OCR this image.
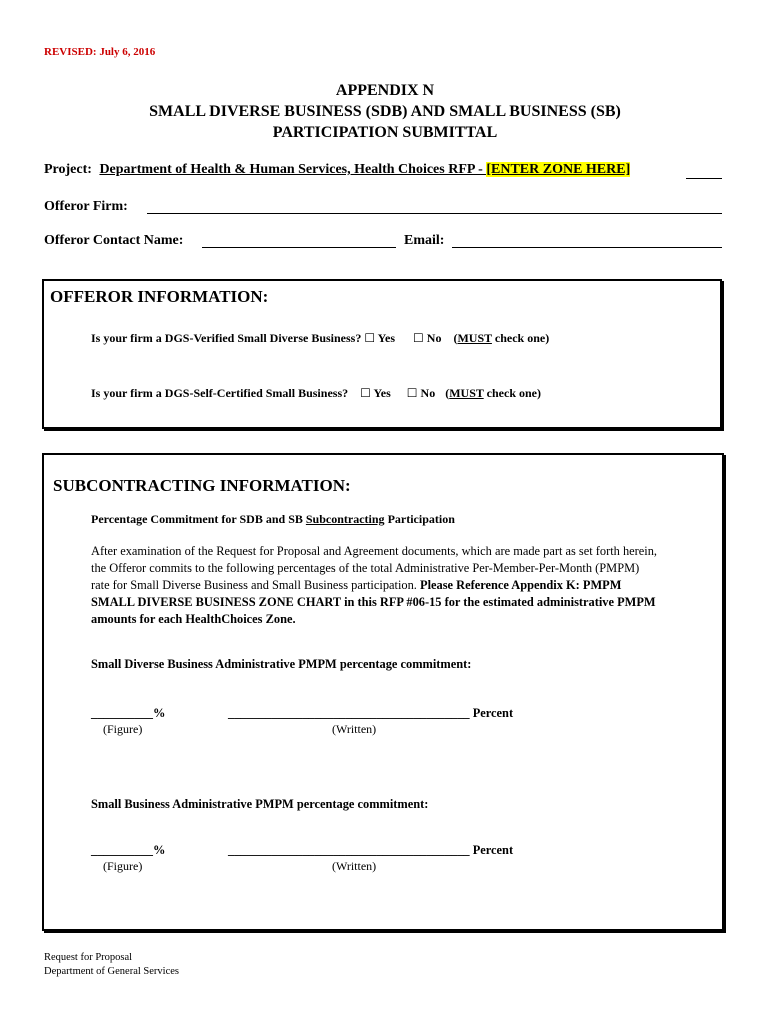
REVISED: July 6, 2016
APPENDIX N
SMALL DIVERSE BUSINESS (SDB) AND SMALL BUSINESS (SB)
PARTICIPATION SUBMITTAL
Project: Department of Health & Human Services, Health Choices RFP - [ENTER ZONE HERE]
Offeror Firm:
Offeror Contact Name:	Email:
OFFEROR INFORMATION:
Is your firm a DGS-Verified Small Diverse Business? ☐ Yes ☐ No (MUST check one)
Is your firm a DGS-Self-Certified Small Business? ☐ Yes ☐ No (MUST check one)
SUBCONTRACTING INFORMATION:
Percentage Commitment for SDB and SB Subcontracting Participation
After examination of the Request for Proposal and Agreement documents, which are made part as set forth herein,
the Offeror commits to the following percentages of the total Administrative Per-Member-Per-Month (PMPM)
rate for Small Diverse Business and Small Business participation. Please Reference Appendix K: PMPM
SMALL DIVERSE BUSINESS ZONE CHART in this RFP #06-15 for the estimated administrative PMPM
amounts for each HealthChoices Zone.
Small Diverse Business Administrative PMPM percentage commitment:
__________%	_______________________________________ Percent
(Figure)	(Written)
Small Business Administrative PMPM percentage commitment:
__________%	_______________________________________ Percent
(Figure)	(Written)
Request for Proposal
Department of General Services
